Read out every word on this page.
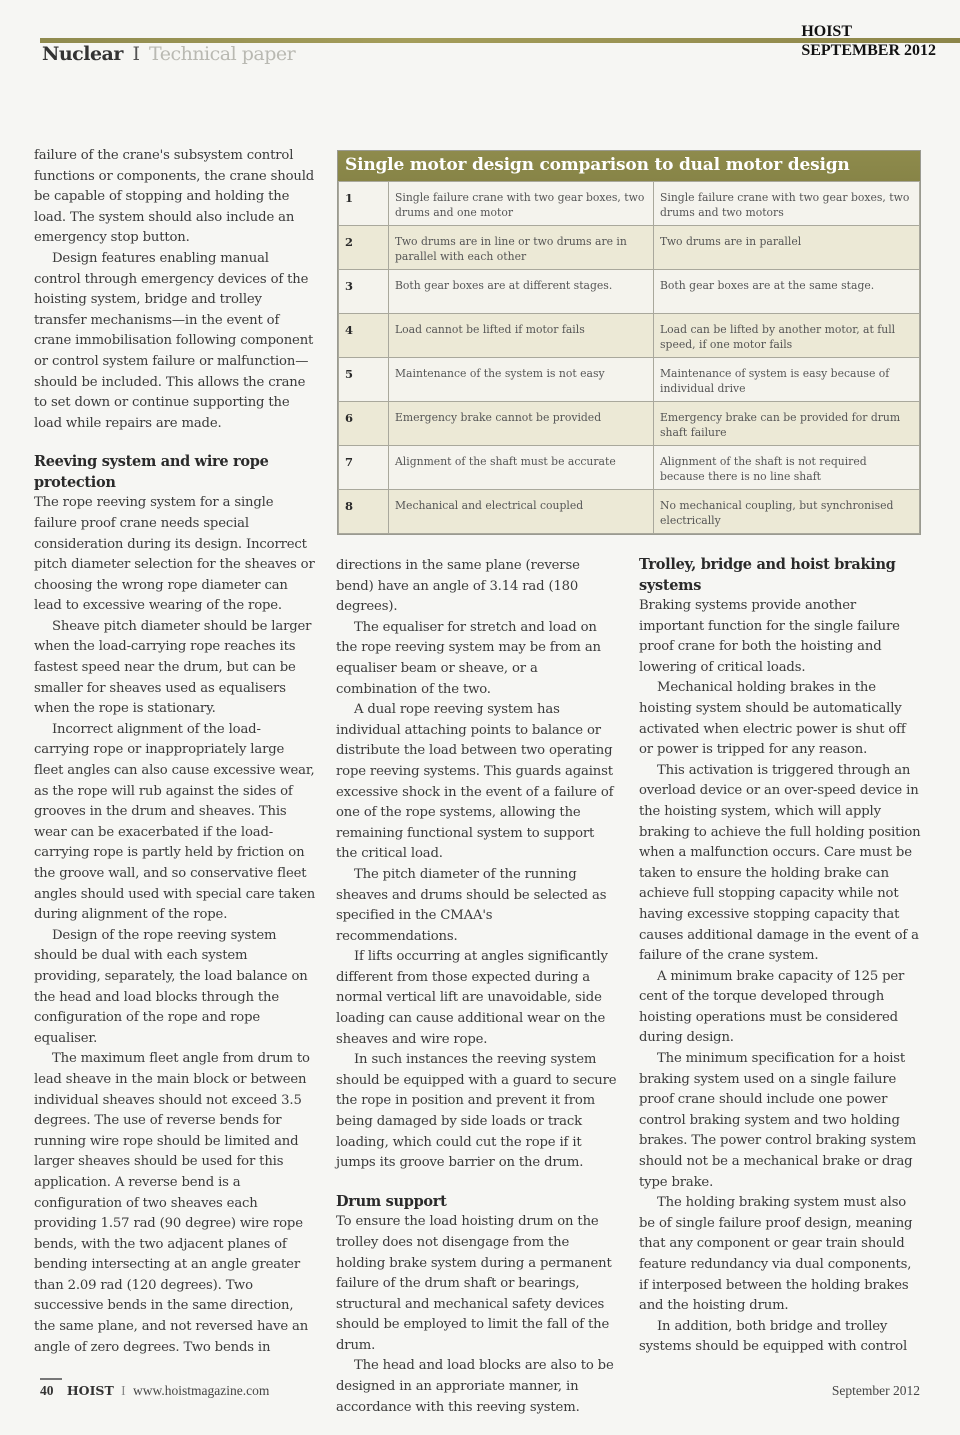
Nuclear I Technical paper
HOIST
SEPTEMBER 2012

failure of the crane's subsystem control functions or components, the crane should be capable of stopping and holding the load. The system should also include an emergency stop button.

Design features enabling manual control through emergency devices of the hoisting system, bridge and trolley transfer mechanisms—in the event of crane immobilisation following component or control system failure or malfunction—should be included. This allows the crane to set down or continue supporting the load while repairs are made.

Reeving system and wire rope protection

The rope reeving system for a single failure proof crane needs special consideration during its design. Incorrect pitch diameter selection for the sheaves or choosing the wrong rope diameter can lead to excessive wearing of the rope.

Sheave pitch diameter should be larger when the load-carrying rope reaches its fastest speed near the drum, but can be smaller for sheaves used as equalisers when the rope is stationary.

Incorrect alignment of the load-carrying rope or inappropriately large fleet angles can also cause excessive wear, as the rope will rub against the sides of grooves in the drum and sheaves. This wear can be exacerbated if the load-carrying rope is partly held by friction on the groove wall, and so conservative fleet angles should used with special care taken during alignment of the rope.

Design of the rope reeving system should be dual with each system providing, separately, the load balance on the head and load blocks through the configuration of the rope and rope equaliser.

The maximum fleet angle from drum to lead sheave in the main block or between individual sheaves should not exceed 3.5 degrees. The use of reverse bends for running wire rope should be limited and larger sheaves should be used for this application. A reverse bend is a configuration of two sheaves each providing 1.57 rad (90 degree) wire rope bends, with the two adjacent planes of bending intersecting at an angle greater than 2.09 rad (120 degrees). Two successive bends in the same direction, the same plane, and not reversed have an angle of zero degrees. Two bends in

Single motor design comparison to dual motor design
1	Single failure crane with two gear boxes, two drums and one motor	Single failure crane with two gear boxes, two drums and two motors
2	Two drums are in line or two drums are in parallel with each other	Two drums are in parallel
3	Both gear boxes are at different stages.	Both gear boxes are at the same stage.
4	Load cannot be lifted if motor fails	Load can be lifted by another motor, at full speed, if one motor fails
5	Maintenance of the system is not easy	Maintenance of system is easy because of individual drive
6	Emergency brake cannot be provided	Emergency brake can be provided for drum shaft failure
7	Alignment of the shaft must be accurate	Alignment of the shaft is not required because there is no line shaft
8	Mechanical and electrical coupled	No mechanical coupling, but synchronised electrically

directions in the same plane (reverse bend) have an angle of 3.14 rad (180 degrees).

The equaliser for stretch and load on the rope reeving system may be from an equaliser beam or sheave, or a combination of the two.

A dual rope reeving system has individual attaching points to balance or distribute the load between two operating rope reeving systems. This guards against excessive shock in the event of a failure of one of the rope systems, allowing the remaining functional system to support the critical load.

The pitch diameter of the running sheaves and drums should be selected as specified in the CMAA's recommendations.

If lifts occurring at angles significantly different from those expected during a normal vertical lift are unavoidable, side loading can cause additional wear on the sheaves and wire rope.

In such instances the reeving system should be equipped with a guard to secure the rope in position and prevent it from being damaged by side loads or track loading, which could cut the rope if it jumps its groove barrier on the drum.

Drum support

To ensure the load hoisting drum on the trolley does not disengage from the holding brake system during a permanent failure of the drum shaft or bearings, structural and mechanical safety devices should be employed to limit the fall of the drum.

The head and load blocks are also to be designed in an approriate manner, in accordance with this reeving system.

Trolley, bridge and hoist braking systems

Braking systems provide another important function for the single failure proof crane for both the hoisting and lowering of critical loads.

Mechanical holding brakes in the hoisting system should be automatically activated when electric power is shut off or power is tripped for any reason.

This activation is triggered through an overload device or an over-speed device in the hoisting system, which will apply braking to achieve the full holding position when a malfunction occurs. Care must be taken to ensure the holding brake can achieve full stopping capacity while not having excessive stopping capacity that causes additional damage in the event of a failure of the crane system.

A minimum brake capacity of 125 per cent of the torque developed through hoisting operations must be considered during design.

The minimum specification for a hoist braking system used on a single failure proof crane should include one power control braking system and two holding brakes. The power control braking system should not be a mechanical brake or drag type brake.

The holding braking system must also be of single failure proof design, meaning that any component or gear train should feature redundancy via dual components, if interposed between the holding brakes and the hoisting drum.

In addition, both bridge and trolley systems should be equipped with control

40 HOIST I www.hoistmagazine.com	September 2012
